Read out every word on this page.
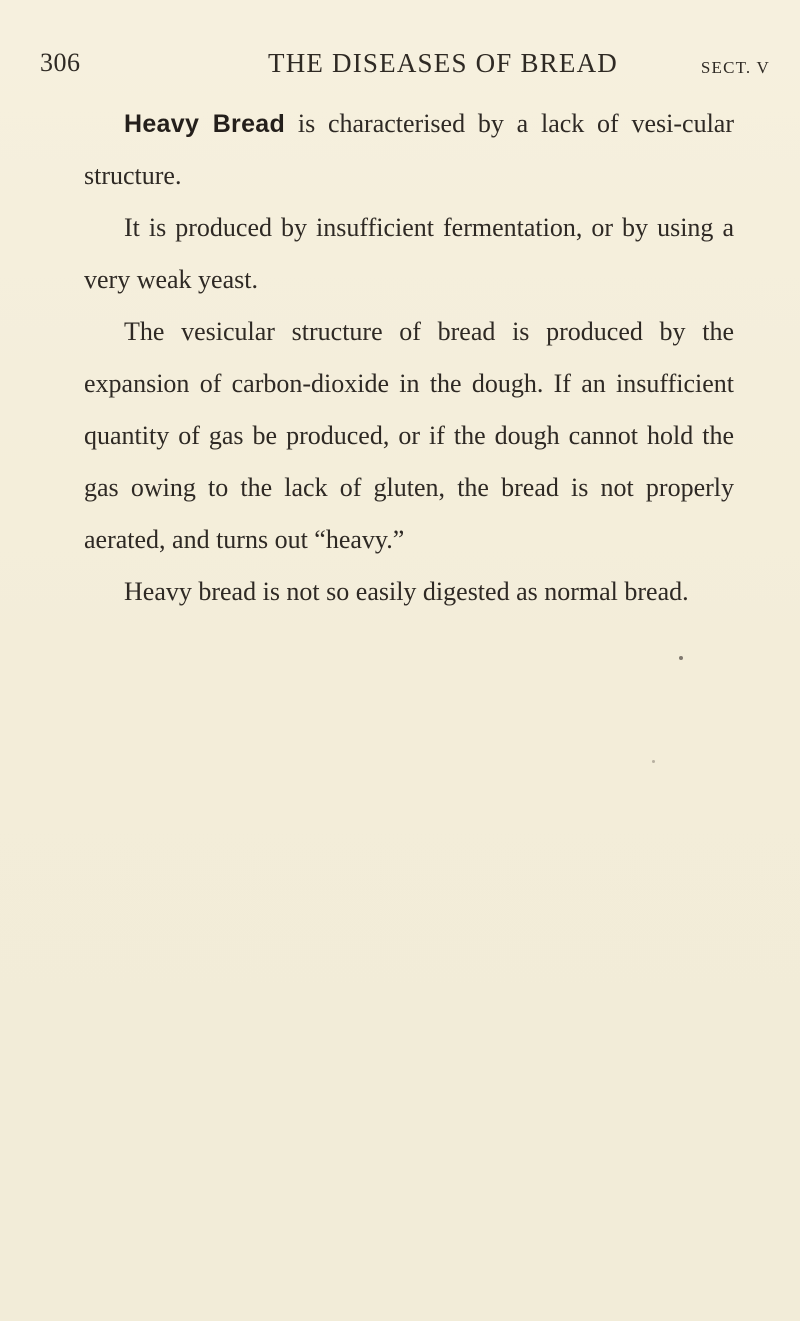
306	THE DISEASES OF BREAD	SECT. V

Heavy Bread is characterised by a lack of vesi-cular structure.

It is produced by insufficient fermentation, or by using a very weak yeast.

The vesicular structure of bread is produced by the expansion of carbon-dioxide in the dough. If an insufficient quantity of gas be produced, or if the dough cannot hold the gas owing to the lack of gluten, the bread is not properly aerated, and turns out “heavy.”

Heavy bread is not so easily digested as normal bread.
